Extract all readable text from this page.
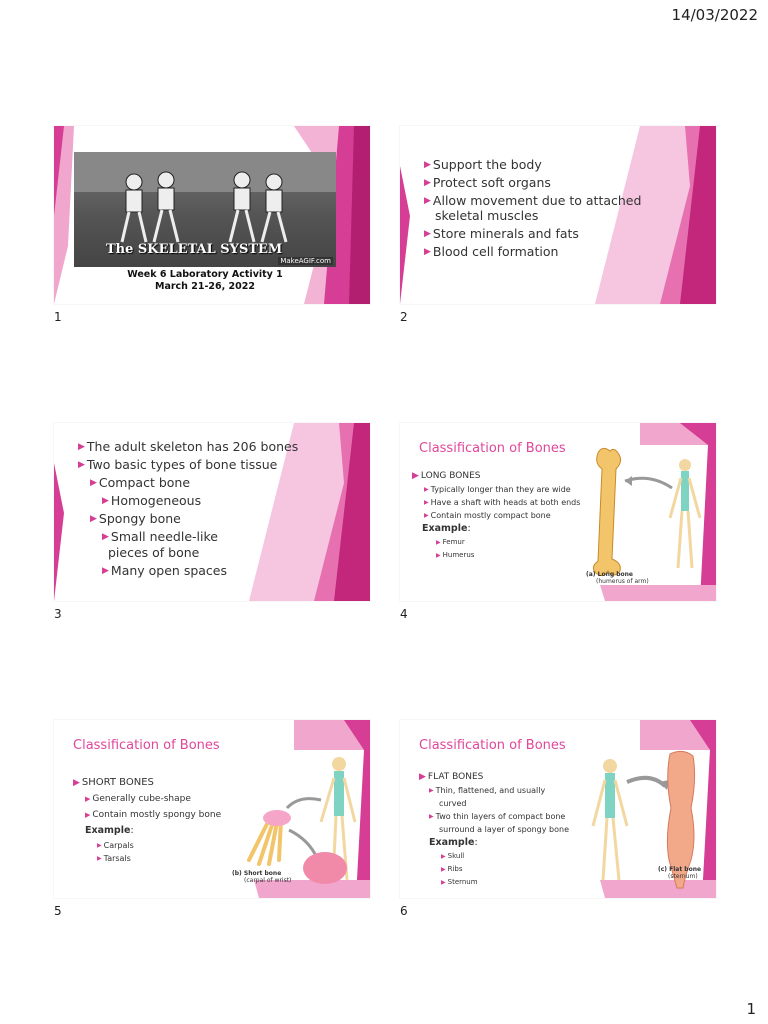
14/03/2022
The SKELETAL SYSTEM
MakeAGIF.com
Week 6 Laboratory Activity 1
March 21-26, 2022
1
▶ Support the body
▶ Protect soft organs
▶ Allow movement due to attached
skeletal muscles
▶ Store minerals and fats
▶ Blood cell formation
2
▶ The adult skeleton has 206 bones
▶ Two basic types of bone tissue
▶ Compact bone
▶ Homogeneous
▶ Spongy bone
▶ Small needle-like
pieces of bone
▶ Many open spaces
3
Classification of Bones
(a) Long bone
(humerus of arm)
▶ LONG BONES
▶ Typically longer than they are wide
▶ Have a shaft with heads at both ends
▶ Contain mostly compact bone
Example :
▶ Femur
▶ Humerus
4
Classification of Bones
(b) Short bone
(carpal of wrist)
▶ SHORT BONES
▶ Generally cube-shape
▶ Contain mostly spongy bone
Example :
▶ Carpals
▶ Tarsals
5
Classification of Bones
(c) Flat bone
(sternum)
▶ FLAT BONES
▶ Thin, flattened, and usually
curved
▶ Two thin layers of compact bone
surround a layer of spongy bone
Example :
▶ Skull
▶ Ribs
▶ Sternum
6
1
